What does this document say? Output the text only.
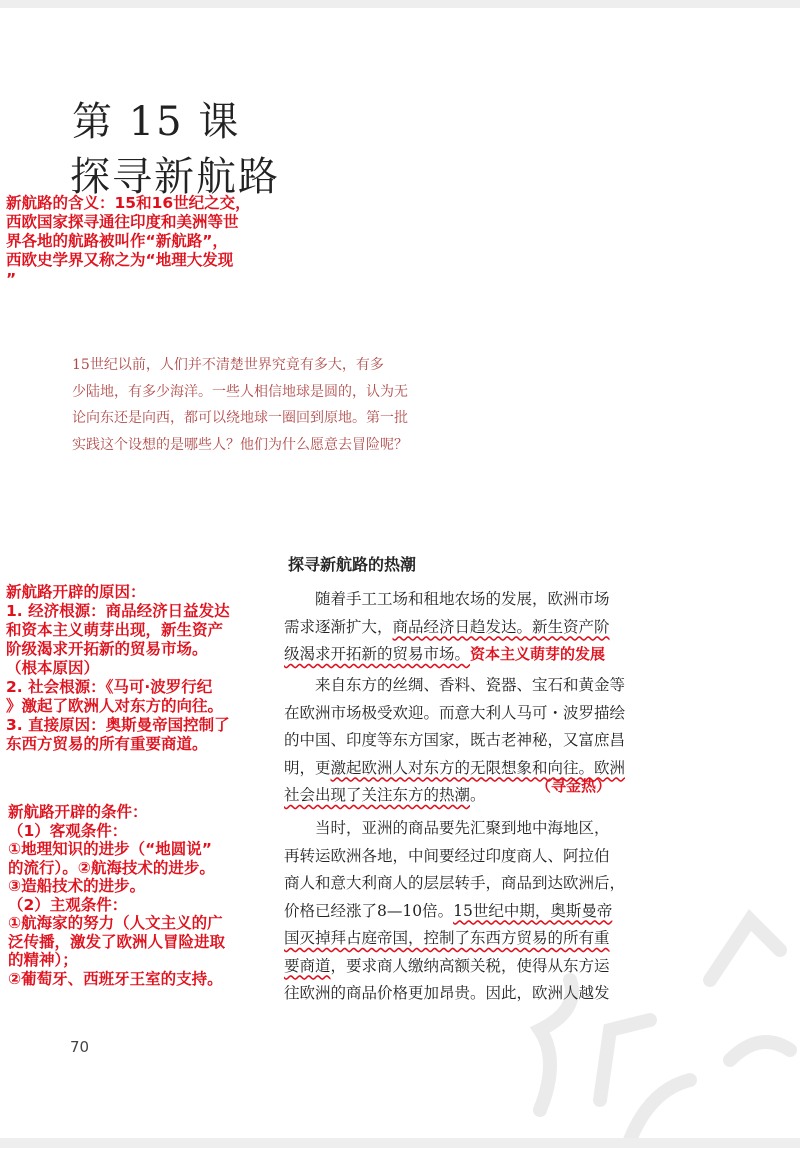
第 15 课
探寻新航路

新航路的含义：15和16世纪之交，

西欧国家探寻通往印度和美洲等世

界各地的航路被叫作“新航路”，

西欧史学界又称之为“地理大发现

”

15世纪以前，人们并不清楚世界究竟有多大，有多

少陆地，有多少海洋。一些人相信地球是圆的，认为无

论向东还是向西，都可以绕地球一圈回到原地。第一批

实践这个设想的是哪些人？他们为什么愿意去冒险呢？

探寻新航路的热潮

新航路开辟的原因：

1. 经济根源：商品经济日益发达

和资本主义萌芽出现，新生资产

阶级渴求开拓新的贸易市场。

（根本原因）

2. 社会根源：《马可·波罗行纪

》激起了欧洲人对东方的向往。

3. 直接原因：奥斯曼帝国控制了

东西方贸易的所有重要商道。

随着手工工场和租地农场的发展，欧洲市场

需求逐渐扩大，商品经济日趋发达。新生资产阶

级渴求开拓新的贸易市场。资本主义萌芽的发展

来自东方的丝绸、香料、瓷器、宝石和黄金等

在欧洲市场极受欢迎。而意大利人马可・波罗描绘

的中国、印度等东方国家，既古老神秘，又富庶昌

明，更激起欧洲人对东方的无限想象和向往。欧洲

社会出现了关注东方的热潮。	（寻金热）

新航路开辟的条件：

（1）客观条件：

①地理知识的进步（“地圆说”

的流行）。②航海技术的进步。

③造船技术的进步。

（2）主观条件：

①航海家的努力（人文主义的广

泛传播，激发了欧洲人冒险进取

的精神）；

②葡萄牙、西班牙王室的支持。

当时，亚洲的商品要先汇聚到地中海地区，

再转运欧洲各地，中间要经过印度商人、阿拉伯

商人和意大利商人的层层转手，商品到达欧洲后，

价格已经涨了8—10倍。15世纪中期，奥斯曼帝

国灭掉拜占庭帝国，控制了东西方贸易的所有重

要商道，要求商人缴纳高额关税，使得从东方运

往欧洲的商品价格更加昂贵。因此，欧洲人越发

70
